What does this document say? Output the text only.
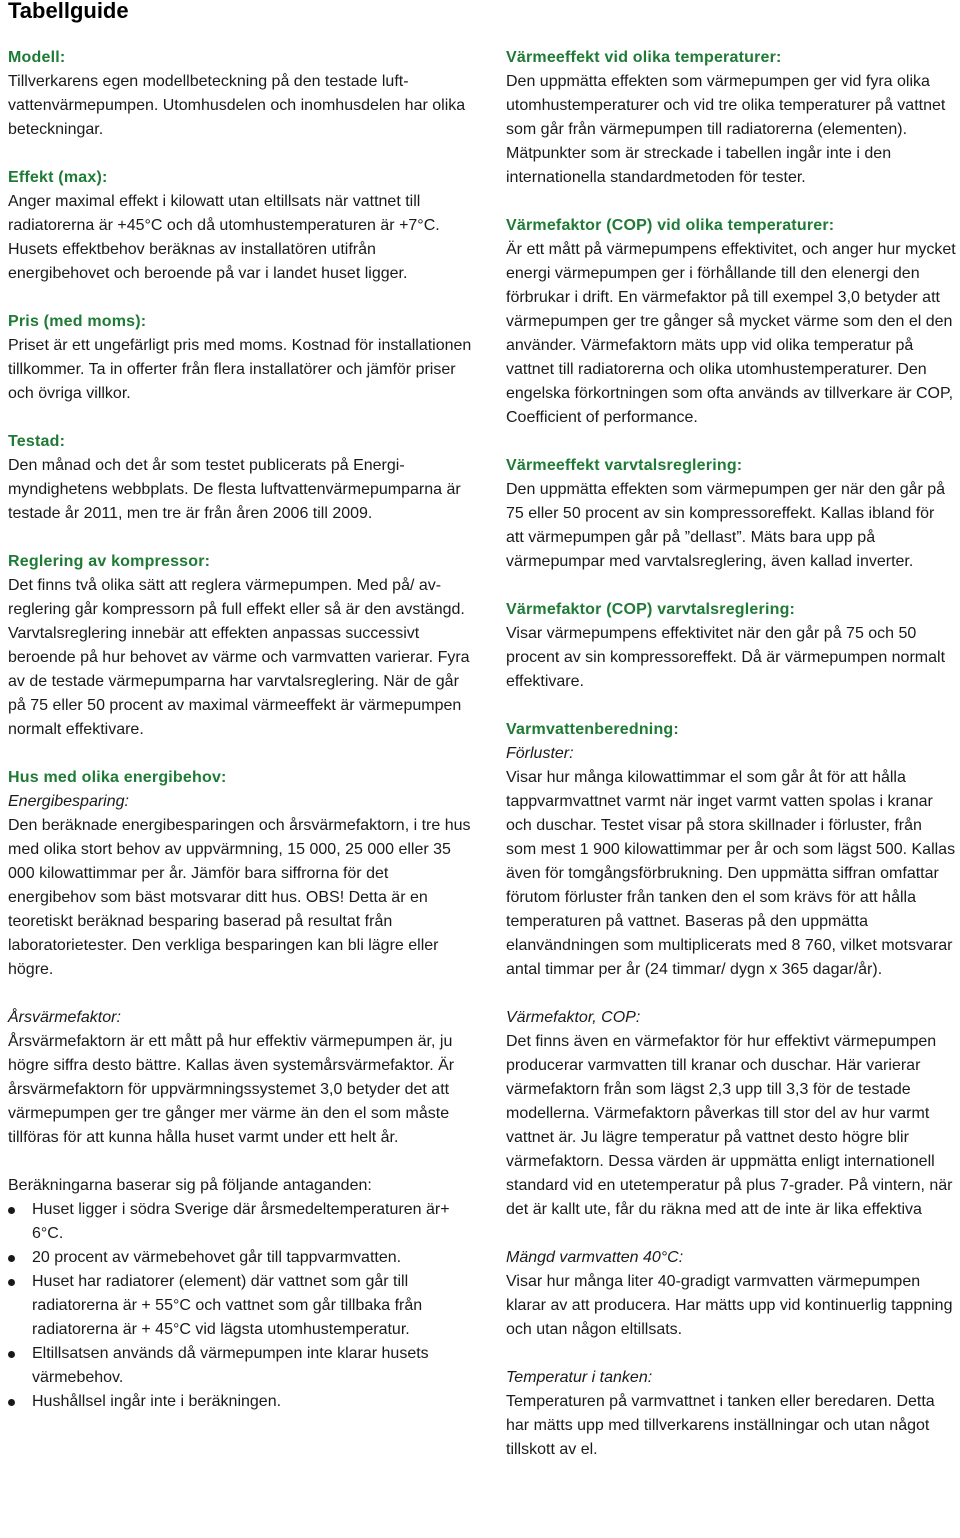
Tabellguide

Modell:

Tillverkarens egen modellbeteckning på den testade luftvattenvärmepumpen. Utomhusdelen och inomhusdelen har olika beteckningar.

Effekt (max):

Anger maximal effekt i kilowatt utan eltillsats när vattnet till radiatorerna är +45°C och då utomhustemperaturen är +7°C. Husets effektbehov beräknas av installatören utifrån energibehovet och beroende på var i landet huset ligger.

Pris (med moms):

Priset är ett ungefärligt pris med moms. Kostnad för installationen tillkommer. Ta in offerter från flera installatörer och jämför priser och övriga villkor.

Testad:

Den månad och det år som testet publicerats på Energimyndighetens webbplats. De flesta luftvattenvärmepumparna är testade år 2011, men tre är från åren 2006 till 2009.

Reglering av kompressor:

Det finns två olika sätt att reglera värmepumpen. Med på/ av-reglering går kompressorn på full effekt eller så är den avstängd. Varvtalsreglering innebär att effekten anpassas successivt beroende på hur behovet av värme och varmvatten varierar. Fyra av de testade värmepumparna har varvtalsreglering. När de går på 75 eller 50 procent av maximal värmeeffekt är värmepumpen normalt effektivare.

Hus med olika energibehov:

Energibesparing:

Den beräknade energibesparingen och årsvärmefaktorn, i tre hus med olika stort behov av uppvärmning, 15 000, 25 000 eller 35 000 kilowattimmar per år. Jämför bara siffrorna för det energibehov som bäst motsvarar ditt hus. OBS! Detta är en teoretiskt beräknad besparing baserad på resultat från laboratorietester. Den verkliga besparingen kan bli lägre eller högre.

Årsvärmefaktor:

Årsvärmefaktorn är ett mått på hur effektiv värmepumpen är, ju högre siffra desto bättre. Kallas även systemårsvärmefaktor. Är årsvärmefaktorn för uppvärmningssystemet 3,0 betyder det att värmepumpen ger tre gånger mer värme än den el som måste tillföras för att kunna hålla huset varmt under ett helt år.

Beräkningarna baserar sig på följande antaganden:

Huset ligger i södra Sverige där årsmedeltemperaturen är+ 6°C.
20 procent av värmebehovet går till tappvarmvatten.
Huset har radiatorer (element) där vattnet som går till radiatorerna är + 55°C och vattnet som går tillbaka från radiatorerna är + 45°C vid lägsta utomhustemperatur.
Eltillsatsen används då värmepumpen inte klarar husets värmebehov.
Hushållsel ingår inte i beräkningen.

Värmeeffekt vid olika temperaturer:

Den uppmätta effekten som värmepumpen ger vid fyra olika utomhustemperaturer och vid tre olika temperaturer på vattnet som går från värmepumpen till radiatorerna (elementen). Mätpunkter som är streckade i tabellen ingår inte i den internationella standardmetoden för tester.

Värmefaktor (COP) vid olika temperaturer:

Är ett mått på värmepumpens effektivitet, och anger hur mycket energi värmepumpen ger i förhållande till den elenergi den förbrukar i drift. En värmefaktor på till exempel 3,0 betyder att värmepumpen ger tre gånger så mycket värme som den el den använder. Värmefaktorn mäts upp vid olika temperatur på vattnet till radiatorerna och olika utomhustemperaturer. Den engelska förkortningen som ofta används av tillverkare är COP, Coefficient of performance.

Värmeeffekt varvtalsreglering:

Den uppmätta effekten som värmepumpen ger när den går på 75 eller 50 procent av sin kompressoreffekt. Kallas ibland för att värmepumpen går på ”dellast”. Mäts bara upp på värmepumpar med varvtalsreglering, även kallad inverter.

Värmefaktor (COP) varvtalsreglering:

Visar värmepumpens effektivitet när den går på 75 och 50 procent av sin kompressoreffekt. Då är värmepumpen normalt effektivare.

Varmvattenberedning:

Förluster:

Visar hur många kilowattimmar el som går åt för att hålla tappvarmvattnet varmt när inget varmt vatten spolas i kranar och duschar. Testet visar på stora skillnader i förluster, från som mest 1 900 kilowattimmar per år och som lägst 500. Kallas även för tomgångsförbrukning. Den uppmätta siffran omfattar förutom förluster från tanken den el som krävs för att hålla temperaturen på vattnet. Baseras på den uppmätta elanvändningen som multiplicerats med 8 760, vilket motsvarar antal timmar per år (24 timmar/ dygn x 365 dagar/år).

Värmefaktor, COP:

Det finns även en värmefaktor för hur effektivt värmepumpen producerar varmvatten till kranar och duschar. Här varierar värmefaktorn från som lägst 2,3 upp till 3,3 för de testade modellerna. Värmefaktorn påverkas till stor del av hur varmt vattnet är. Ju lägre temperatur på vattnet desto högre blir värmefaktorn. Dessa värden är uppmätta enligt internationell standard vid en utetemperatur på plus 7-grader. På vintern, när det är kallt ute, får du räkna med att de inte är lika effektiva

Mängd varmvatten 40°C:

Visar hur många liter 40-gradigt varmvatten värmepumpen klarar av att producera. Har mätts upp vid kontinuerlig tappning och utan någon eltillsats.

Temperatur i tanken:

Temperaturen på varmvattnet i tanken eller beredaren. Detta har mätts upp med tillverkarens inställningar och utan något tillskott av el.
